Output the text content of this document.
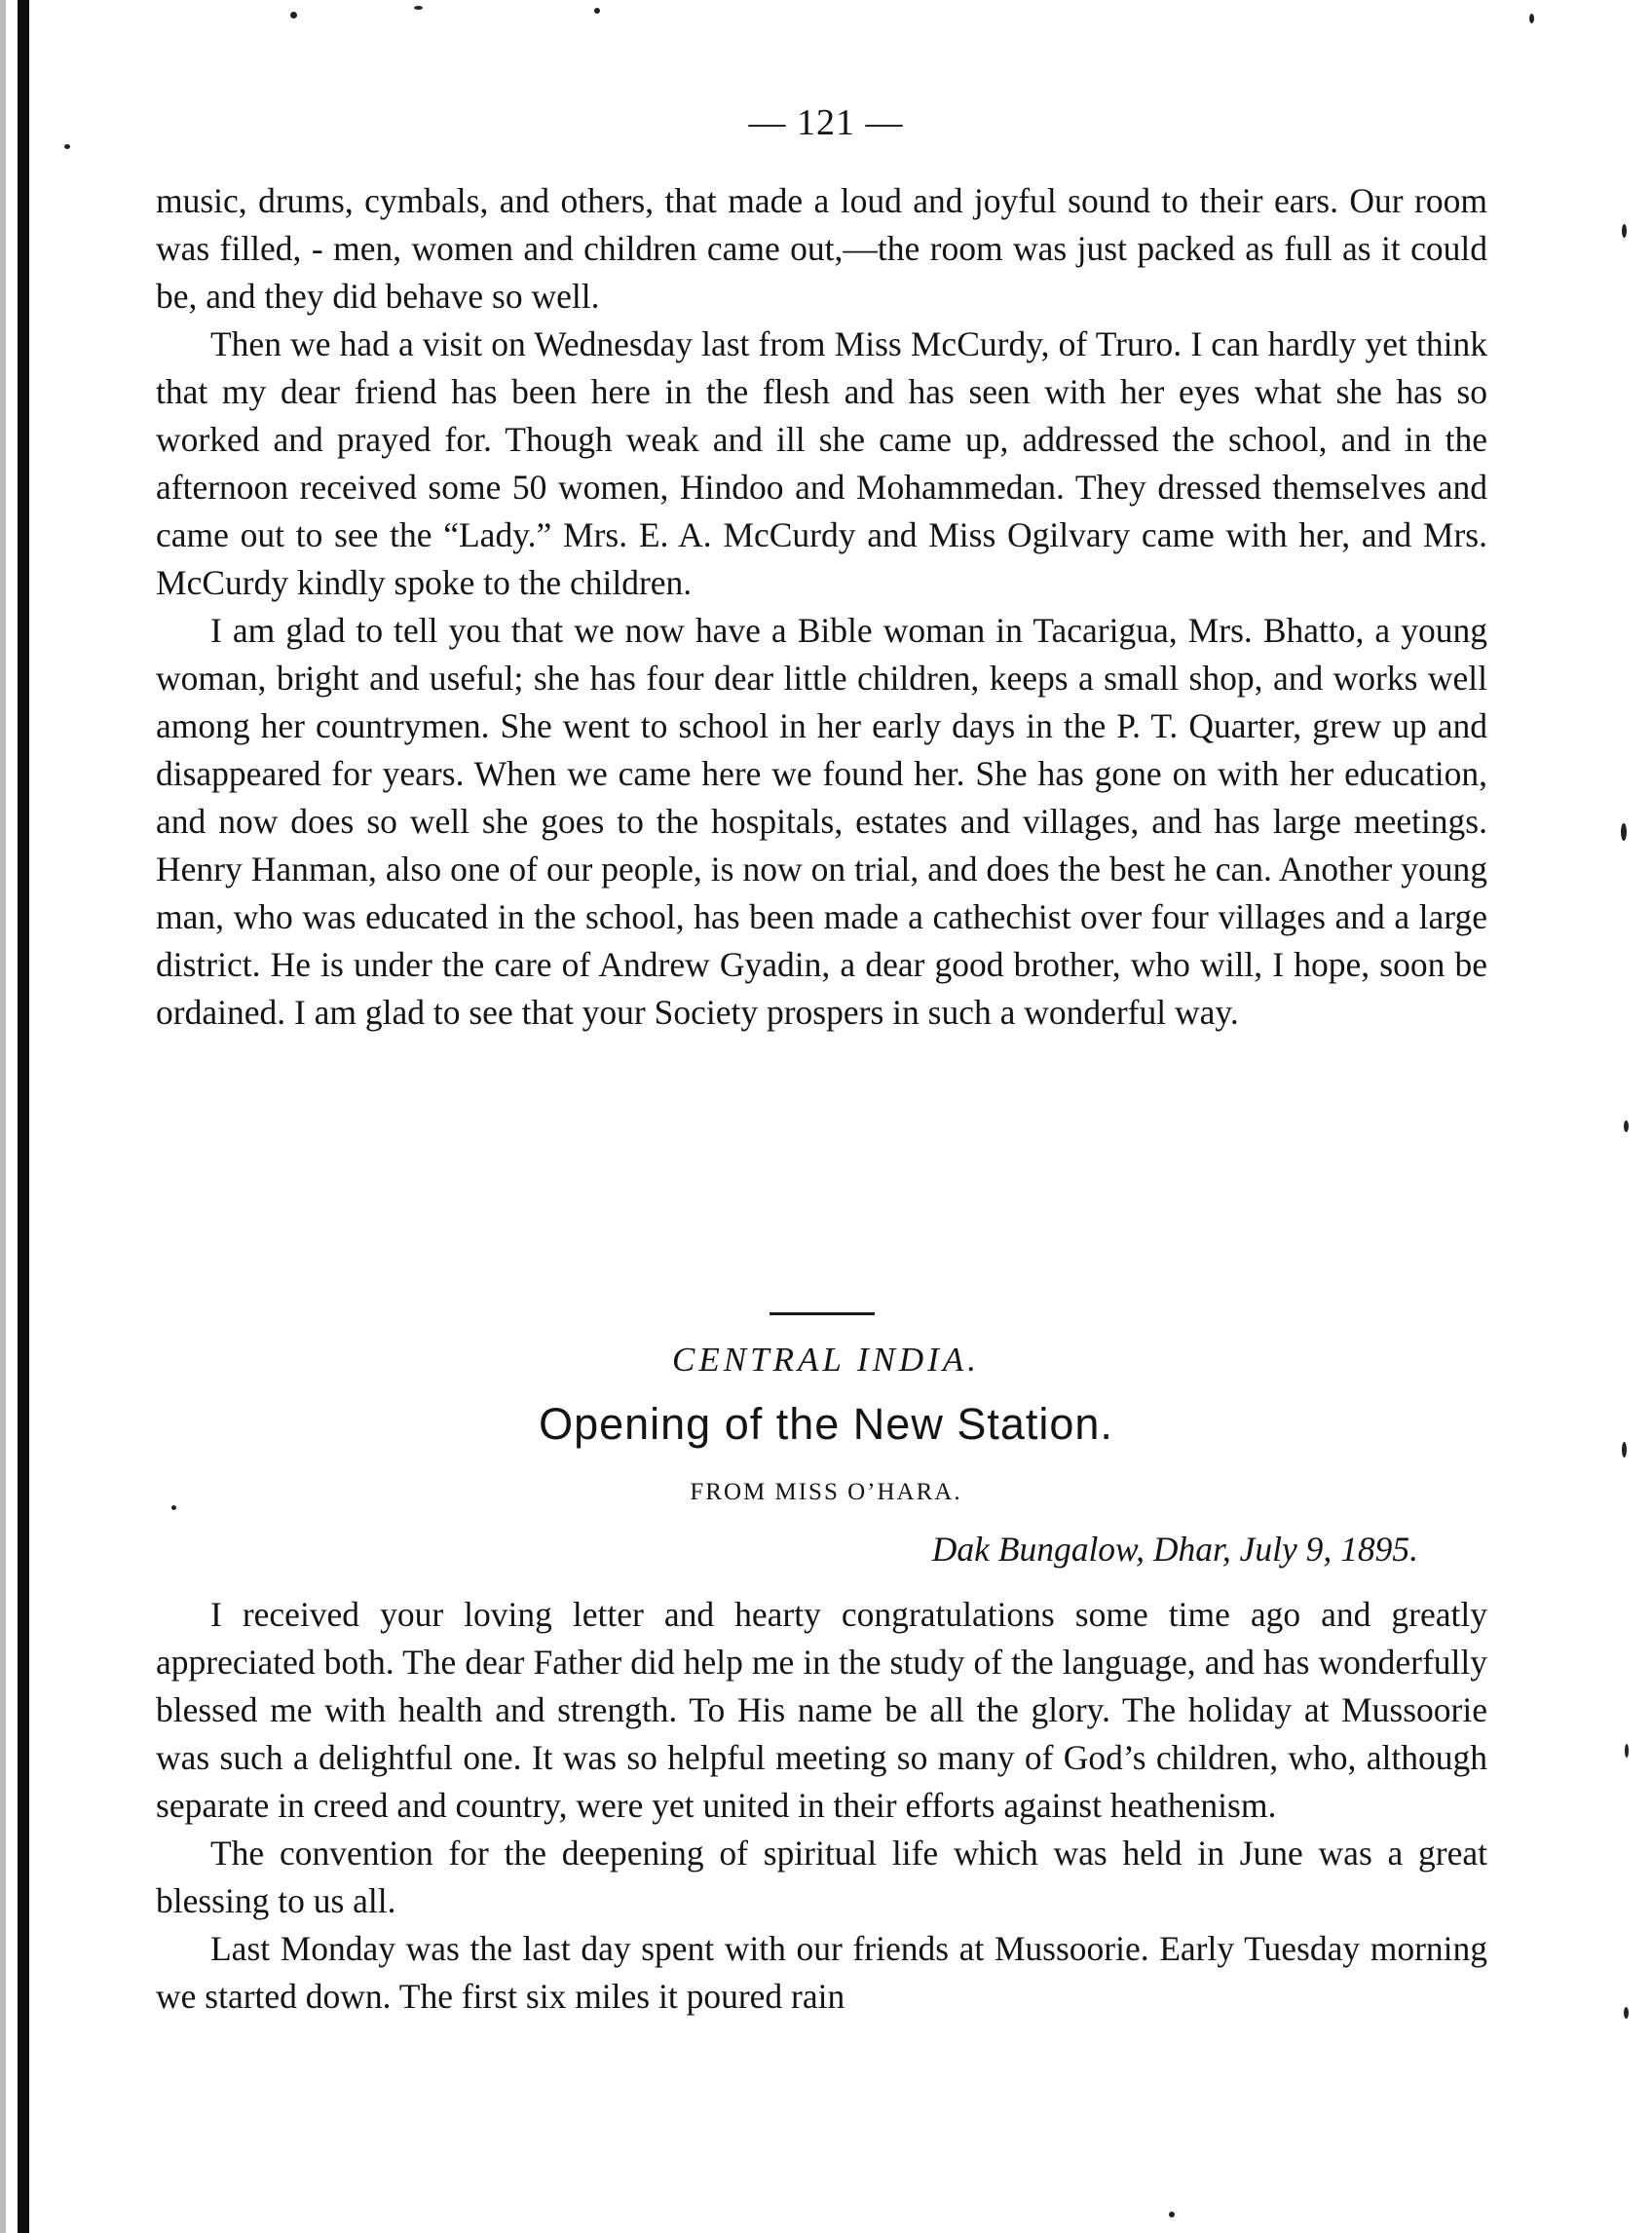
— 121 —

music, drums, cymbals, and others, that made a loud and joyful sound to their ears. Our room was filled, - men, women and children came out,—the room was just packed as full as it could be, and they did behave so well.

Then we had a visit on Wednesday last from Miss McCurdy, of Truro. I can hardly yet think that my dear friend has been here in the flesh and has seen with her eyes what she has so worked and prayed for. Though weak and ill she came up, addressed the school, and in the afternoon received some 50 women, Hindoo and Mohammedan. They dressed themselves and came out to see the “Lady.” Mrs. E. A. McCurdy and Miss Ogilvary came with her, and Mrs. McCurdy kindly spoke to the children.

I am glad to tell you that we now have a Bible woman in Tacarigua, Mrs. Bhatto, a young woman, bright and useful; she has four dear little children, keeps a small shop, and works well among her countrymen. She went to school in her early days in the P. T. Quarter, grew up and disappeared for years. When we came here we found her. She has gone on with her education, and now does so well she goes to the hospitals, estates and villages, and has large meetings. Henry Hanman, also one of our people, is now on trial, and does the best he can. Another young man, who was educated in the school, has been made a cathechist over four villages and a large district. He is under the care of Andrew Gyadin, a dear good brother, who will, I hope, soon be ordained. I am glad to see that your Society prospers in such a wonderful way.

CENTRAL INDIA.
Opening of the New Station.
FROM MISS O’HARA.
Dak Bungalow, Dhar, July 9, 1895.

I received your loving letter and hearty congratulations some time ago and greatly appreciated both. The dear Father did help me in the study of the language, and has wonderfully blessed me with health and strength. To His name be all the glory. The holiday at Mussoorie was such a delightful one. It was so helpful meeting so many of God’s children, who, although separate in creed and country, were yet united in their efforts against heathenism.

The convention for the deepening of spiritual life which was held in June was a great blessing to us all.

Last Monday was the last day spent with our friends at Mussoorie. Early Tuesday morning we started down. The first six miles it poured rain
